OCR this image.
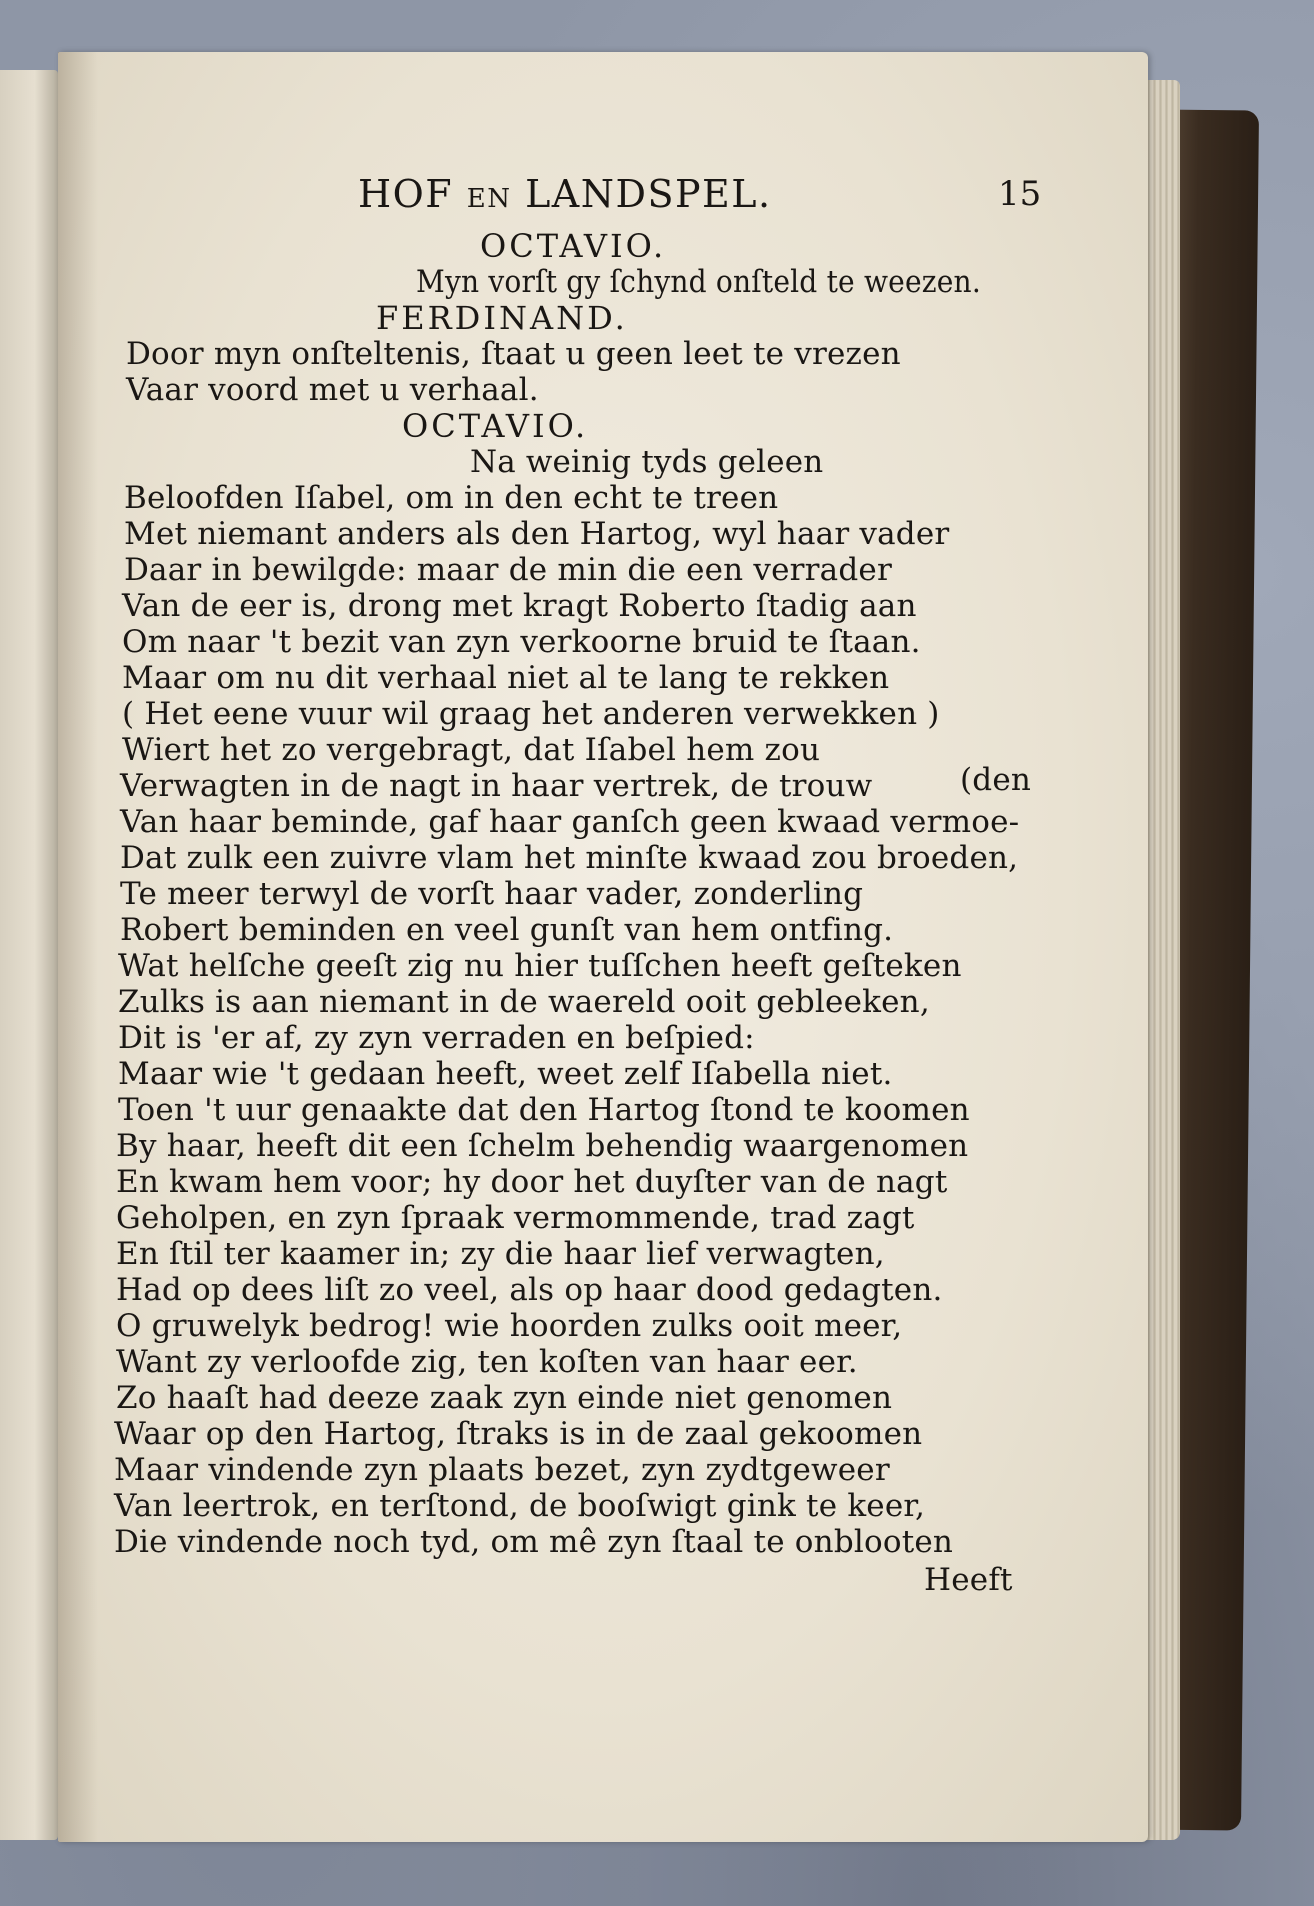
HOF EN LANDSPEL.	15
OCTAVIO.
Myn vorſt gy ſchynd onſteld te weezen.
FERDINAND.
Door myn onſteltenis, ſtaat u geen leet te vrezen
Vaar voord met u verhaal.
OCTAVIO.
Na weinig tyds geleen
Beloofden Iſabel, om in den echt te treen
Met niemant anders als den Hartog, wyl haar vader
Daar in bewilgde: maar de min die een verrader
Van de eer is, drong met kragt Roberto ſtadig aan
Om naar 't bezit van zyn verkoorne bruid te ſtaan.
Maar om nu dit verhaal niet al te lang te rekken
( Het eene vuur wil graag het anderen verwekken )
Wiert het zo vergebragt, dat Iſabel hem zou
Verwagten in de nagt in haar vertrek, de trouw	(den
Van haar beminde, gaf haar ganſch geen kwaad vermoe-
Dat zulk een zuivre vlam het minſte kwaad zou broeden,
Te meer terwyl de vorſt haar vader, zonderling
Robert beminden en veel gunſt van hem ontfing.
Wat helſche geeſt zig nu hier tuſſchen heeft geſteken
Zulks is aan niemant in de waereld ooit gebleeken,
Dit is 'er af, zy zyn verraden en beſpied:
Maar wie 't gedaan heeft, weet zelf Iſabella niet.
Toen 't uur genaakte dat den Hartog ſtond te koomen
By haar, heeft dit een ſchelm behendig waargenomen
En kwam hem voor; hy door het duyſter van de nagt
Geholpen, en zyn ſpraak vermommende, trad zagt
En ſtil ter kaamer in; zy die haar lief verwagten,
Had op dees liſt zo veel, als op haar dood gedagten.
O gruwelyk bedrog! wie hoorden zulks ooit meer,
Want zy verloofde zig, ten koſten van haar eer.
Zo haaſt had deeze zaak zyn einde niet genomen
Waar op den Hartog, ſtraks is in de zaal gekoomen
Maar vindende zyn plaats bezet, zyn zydtgeweer
Van leertrok, en terſtond, de booſwigt gink te keer,
Die vindende noch tyd, om mê zyn ſtaal te onblooten
Heeft
